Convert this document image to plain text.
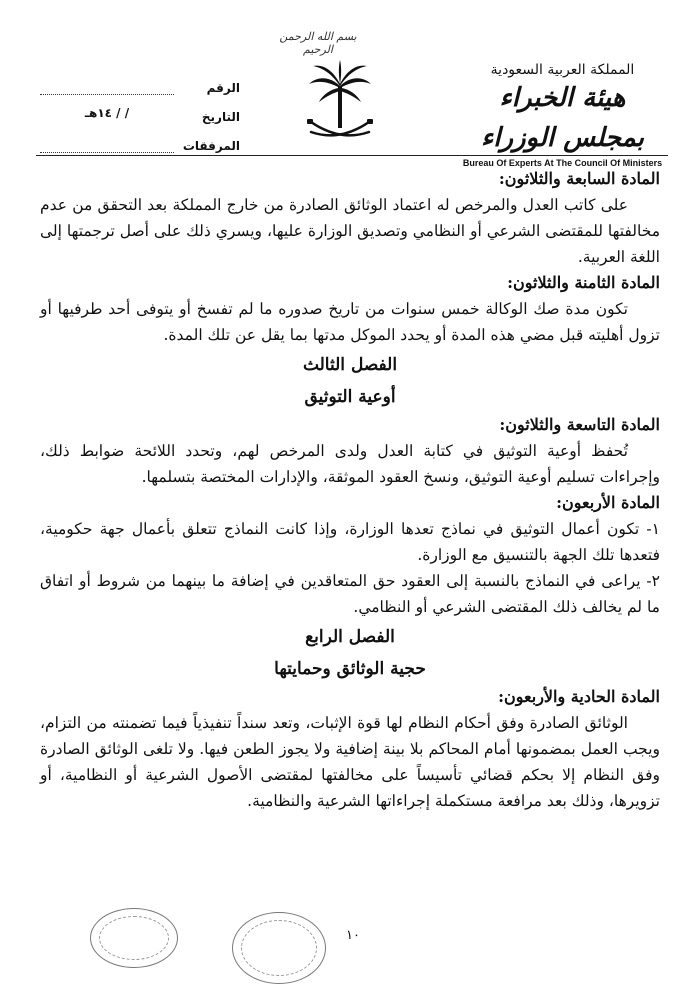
بسم الله الرحمن الرحيم
الرقم
التاريخ
/ / ١٤هـ
المرفقات
المملكة العربية السعودية
هيئة الخبراء بمجلس الوزراء
Bureau Of Experts At The Council Of Ministers

المادة السابعة والثلاثون:

على كاتب العدل والمرخص له اعتماد الوثائق الصادرة من خارج المملكة بعد التحقق من عدم مخالفتها للمقتضى الشرعي أو النظامي وتصديق الوزارة عليها، ويسري ذلك على أصل ترجمتها إلى اللغة العربية.

المادة الثامنة والثلاثون:

تكون مدة صك الوكالة خمس سنوات من تاريخ صدوره ما لم تفسخ أو يتوفى أحد طرفيها أو تزول أهليته قبل مضي هذه المدة أو يحدد الموكل مدتها بما يقل عن تلك المدة.

الفصل الثالث

أوعية التوثيق

المادة التاسعة والثلاثون:

تُحفظ أوعية التوثيق في كتابة العدل ولدى المرخص لهم، وتحدد اللائحة ضوابط ذلك، وإجراءات تسليم أوعية التوثيق، ونسخ العقود الموثقة، والإدارات المختصة بتسلمها.

المادة الأربعون:

١- تكون أعمال التوثيق في نماذج تعدها الوزارة، وإذا كانت النماذج تتعلق بأعمال جهة حكومية، فتعدها تلك الجهة بالتنسيق مع الوزارة.

٢- يراعى في النماذج بالنسبة إلى العقود حق المتعاقدين في إضافة ما بينهما من شروط أو اتفاق ما لم يخالف ذلك المقتضى الشرعي أو النظامي.

الفصل الرابع

حجية الوثائق وحمايتها

المادة الحادية والأربعون:

الوثائق الصادرة وفق أحكام النظام لها قوة الإثبات، وتعد سنداً تنفيذياً فيما تضمنته من التزام، ويجب العمل بمضمونها أمام المحاكم بلا بينة إضافية ولا يجوز الطعن فيها. ولا تلغى الوثائق الصادرة وفق النظام إلا بحكم قضائي تأسيساً على مخالفتها لمقتضى الأصول الشرعية أو النظامية، أو تزويرها، وذلك بعد مرافعة مستكملة إجراءاتها الشرعية والنظامية.

١٠
